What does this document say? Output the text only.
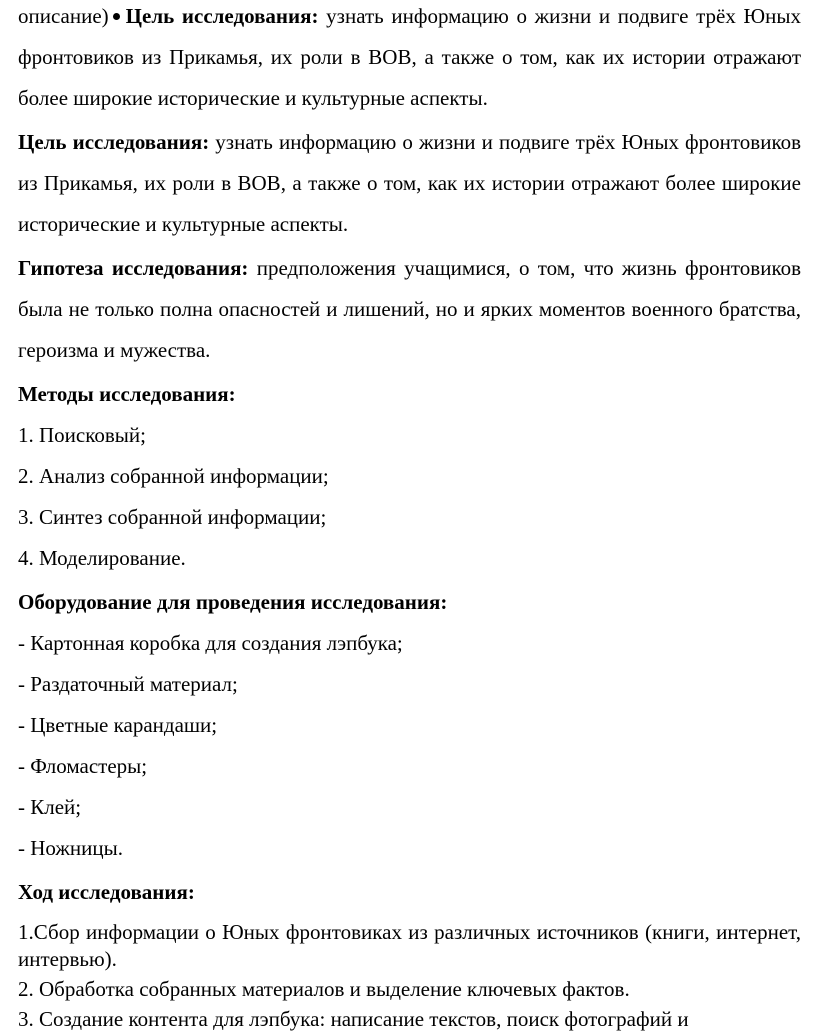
описание) Цель исследования: узнать информацию о жизни и подвиге трёх Юных фронтовиков из Прикамья, их роли в ВОВ, а также о том, как их истории отражают более широкие исторические и культурные аспекты.

Цель исследования: узнать информацию о жизни и подвиге трёх Юных фронтовиков из Прикамья, их роли в ВОВ, а также о том, как их истории отражают более широкие исторические и культурные аспекты.

Гипотеза исследования: предположения учащимися, о том, что жизнь фронтовиков была не только полна опасностей и лишений, но и ярких моментов военного братства, героизма и мужества.

Методы исследования:

1. Поисковый;

2. Анализ собранной информации;

3. Синтез собранной информации;

4. Моделирование.

Оборудование для проведения исследования:

- Картонная коробка для создания лэпбука;

- Раздаточный материал;

- Цветные карандаши;

- Фломастеры;

- Клей;

- Ножницы.

Ход исследования:

1.Сбор информации о Юных фронтовиках из различных источников (книги, интернет, интервью).

2. Обработка собранных материалов и выделение ключевых фактов.

3. Создание контента для лэпбука: написание текстов, поиск фотографий и
